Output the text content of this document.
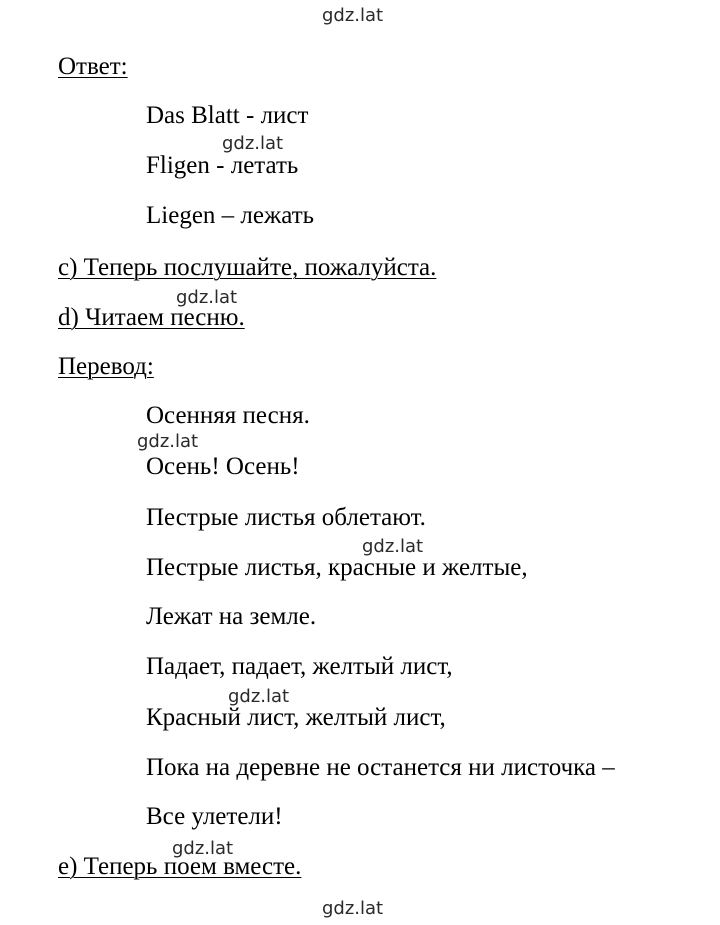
gdz.lat
gdz.lat
gdz.lat
gdz.lat
gdz.lat
gdz.lat
gdz.lat
gdz.lat
Ответ:
Das Blatt - лист
Fligen - летать
Liegen – лежать
c) Теперь послушайте, пожалуйста.
d) Читаем песню.
Перевод:
Осенняя песня.
Осень! Осень!
Пестрые листья облетают.
Пестрые листья, красные и желтые,
Лежат на земле.
Падает, падает, желтый лист,
Красный лист, желтый лист,
Пока на деревне не останется ни листочка –
Все улетели!
e) Теперь поем вместе.
